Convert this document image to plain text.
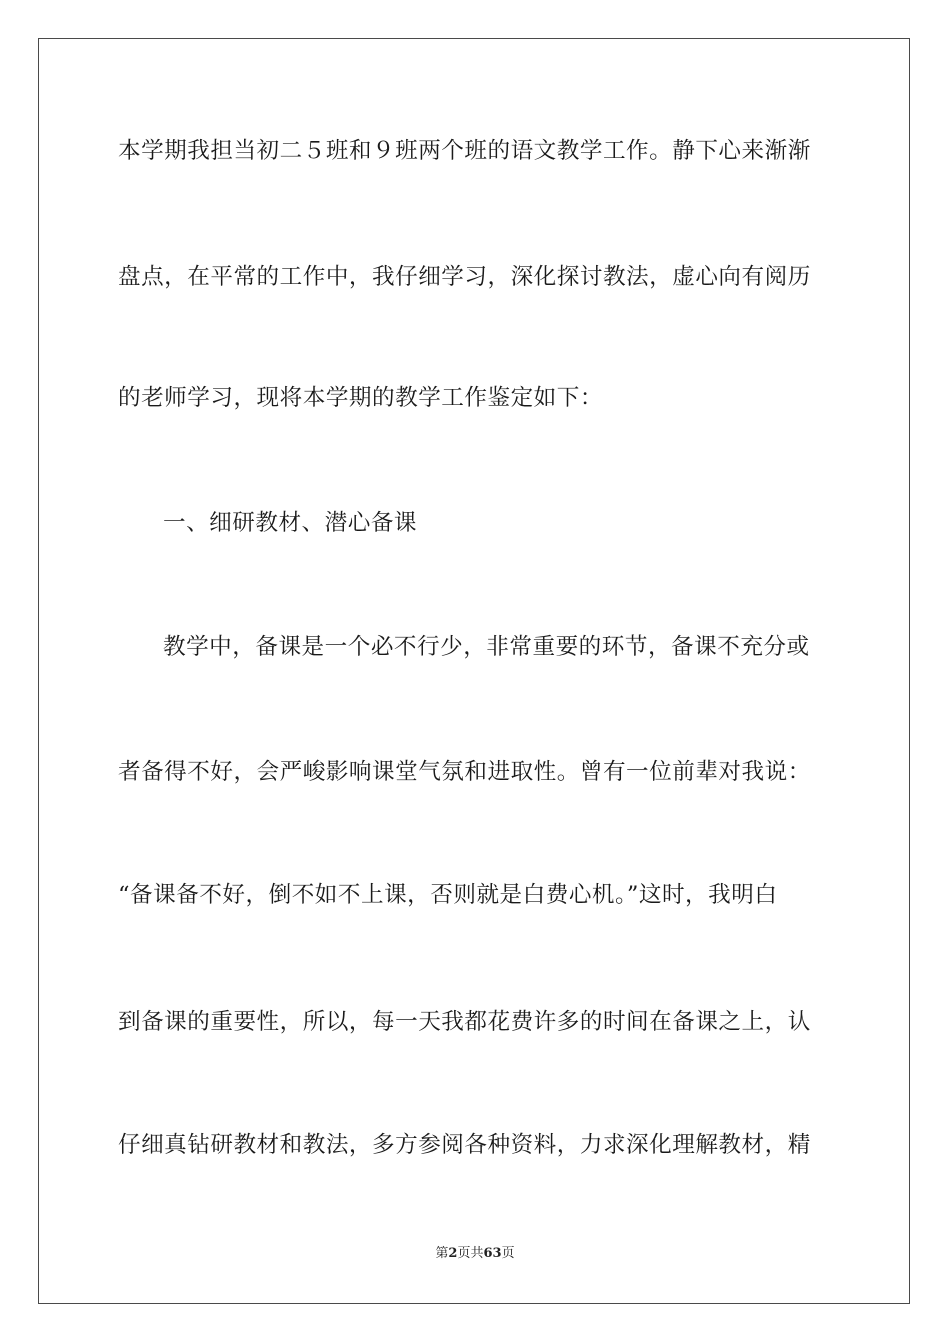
本学期我担当初二５班和９班两个班的语文教学工作。静下心来渐渐

盘点，在平常的工作中，我仔细学习，深化探讨教法，虚心向有阅历

的老师学习，现将本学期的教学工作鉴定如下：

一、细研教材、潜心备课

教学中，备课是一个必不行少，非常重要的环节，备课不充分或

者备得不好，会严峻影响课堂气氛和进取性。曾有一位前辈对我说：

“备课备不好，倒不如不上课，否则就是白费心机。”这时，我明白

到备课的重要性，所以，每一天我都花费许多的时间在备课之上，认

仔细真钻研教材和教法，多方参阅各种资料，力求深化理解教材，精

第2页共63页
